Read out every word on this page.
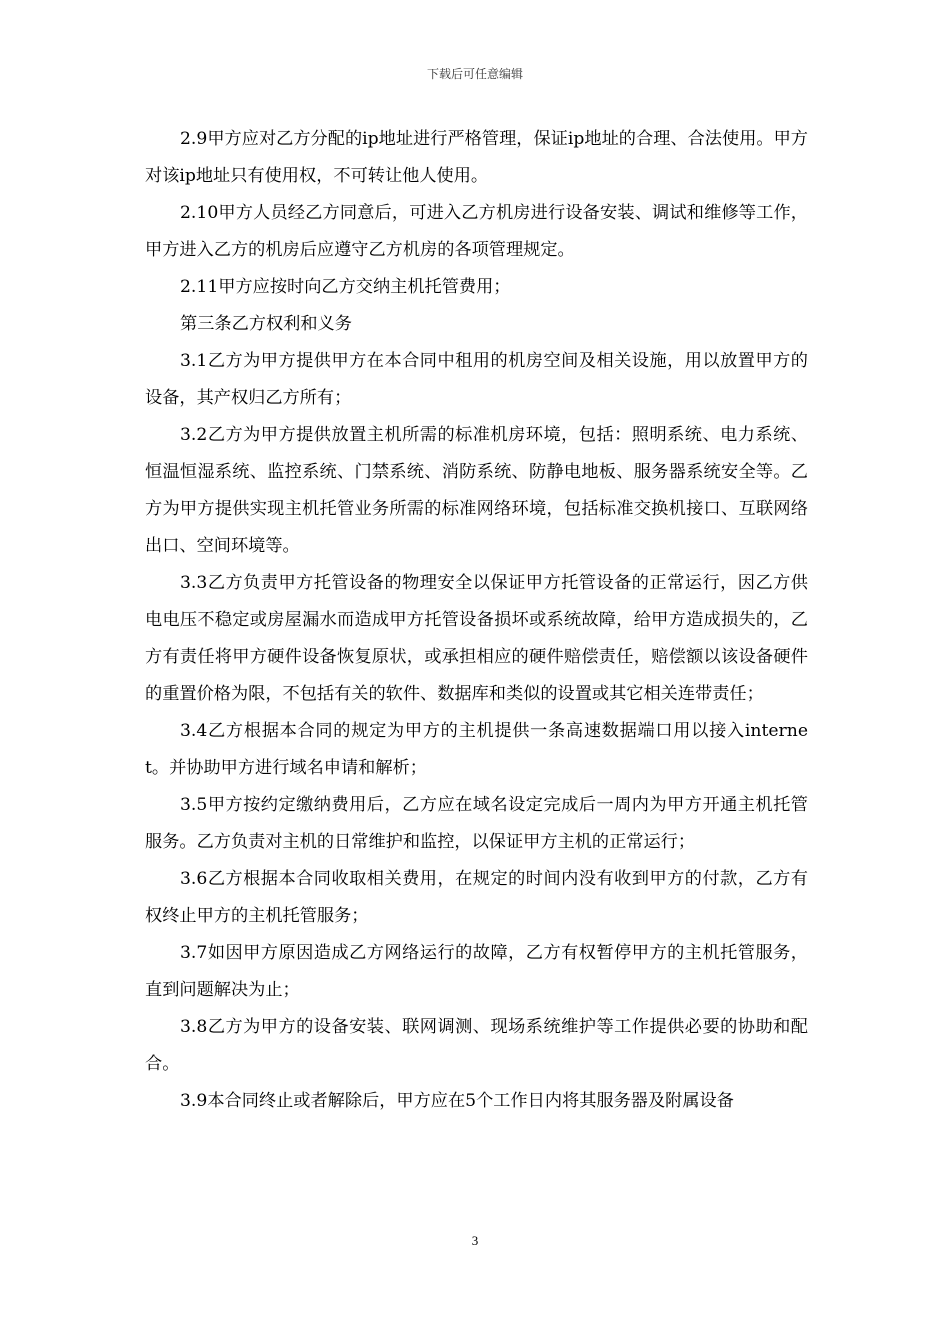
下载后可任意编辑

2.9甲方应对乙方分配的ip地址进行严格管理，保证ip地址的合理、合法使用。甲方对该ip地址只有使用权，不可转让他人使用。

2.10甲方人员经乙方同意后，可进入乙方机房进行设备安装、调试和维修等工作，甲方进入乙方的机房后应遵守乙方机房的各项管理规定。

2.11甲方应按时向乙方交纳主机托管费用；

第三条乙方权利和义务

3.1乙方为甲方提供甲方在本合同中租用的机房空间及相关设施，用以放置甲方的设备，其产权归乙方所有；

3.2乙方为甲方提供放置主机所需的标准机房环境，包括：照明系统、电力系统、恒温恒湿系统、监控系统、门禁系统、消防系统、防静电地板、服务器系统安全等。乙方为甲方提供实现主机托管业务所需的标准网络环境，包括标准交换机接口、互联网络出口、空间环境等。

3.3乙方负责甲方托管设备的物理安全以保证甲方托管设备的正常运行，因乙方供电电压不稳定或房屋漏水而造成甲方托管设备损坏或系统故障，给甲方造成损失的，乙方有责任将甲方硬件设备恢复原状，或承担相应的硬件赔偿责任，赔偿额以该设备硬件的重置价格为限，不包括有关的软件、数据库和类似的设置或其它相关连带责任；

3.4乙方根据本合同的规定为甲方的主机提供一条高速数据端口用以接入internet。并协助甲方进行域名申请和解析；

3.5甲方按约定缴纳费用后，乙方应在域名设定完成后一周内为甲方开通主机托管服务。乙方负责对主机的日常维护和监控，以保证甲方主机的正常运行；

3.6乙方根据本合同收取相关费用，在规定的时间内没有收到甲方的付款，乙方有权终止甲方的主机托管服务；

3.7如因甲方原因造成乙方网络运行的故障，乙方有权暂停甲方的主机托管服务，直到问题解决为止；

3.8乙方为甲方的设备安装、联网调测、现场系统维护等工作提供必要的协助和配合。

3.9本合同终止或者解除后，甲方应在5个工作日内将其服务器及附属设备

3
